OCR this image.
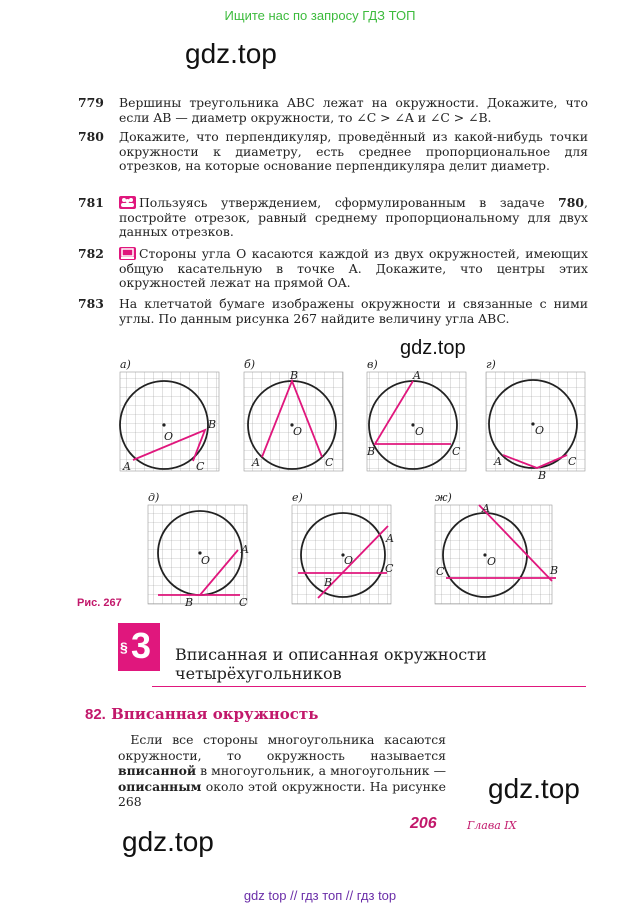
Ищите нас по запросу ГДЗ ТОП
gdz.top
gdz.top
gdz.top
gdz.top
779 Вершины треугольника ABC лежат на окружности. Докажите, что если AB — диаметр окружности, то ∠C > ∠A и ∠C > ∠B.
780 Докажите, что перпендикуляр, проведённый из какой-нибудь точки окружности к диаметру, есть среднее пропорциональное для отрезков, на которые основание перпендикуляра делит диаметр.
781	Пользуясь утверждением, сформулированным в задаче 780, постройте отрезок, равный среднему пропорциональному для двух данных отрезков.
782	Стороны угла O касаются каждой из двух окружностей, имеющих общую касательную в точке A. Докажите, что центры этих окружностей лежат на прямой OA.
783 На клетчатой бумаге изображены окружности и связанные с ними углы. По данным рисунка 267 найдите величину угла ABC.
а)	б)	в)	г)
д)	е)	ж)
O
A
B
C
O
A
B
C
O
A
B	C
O
A
B
C
O
A
B	C
O
A
B
C
O
A
B
C
Рис. 267
§ 3 Вписанная и описанная окружности
четырёхугольников
82. Вписанная окружность
 Если все стороны многоугольника касаются окружности, то окружность называется вписанной в многоугольник, а многоугольник — описанным около этой окружности. На рисунке 268
206	Глава IX
gdz top // гдз топ // гдз top
